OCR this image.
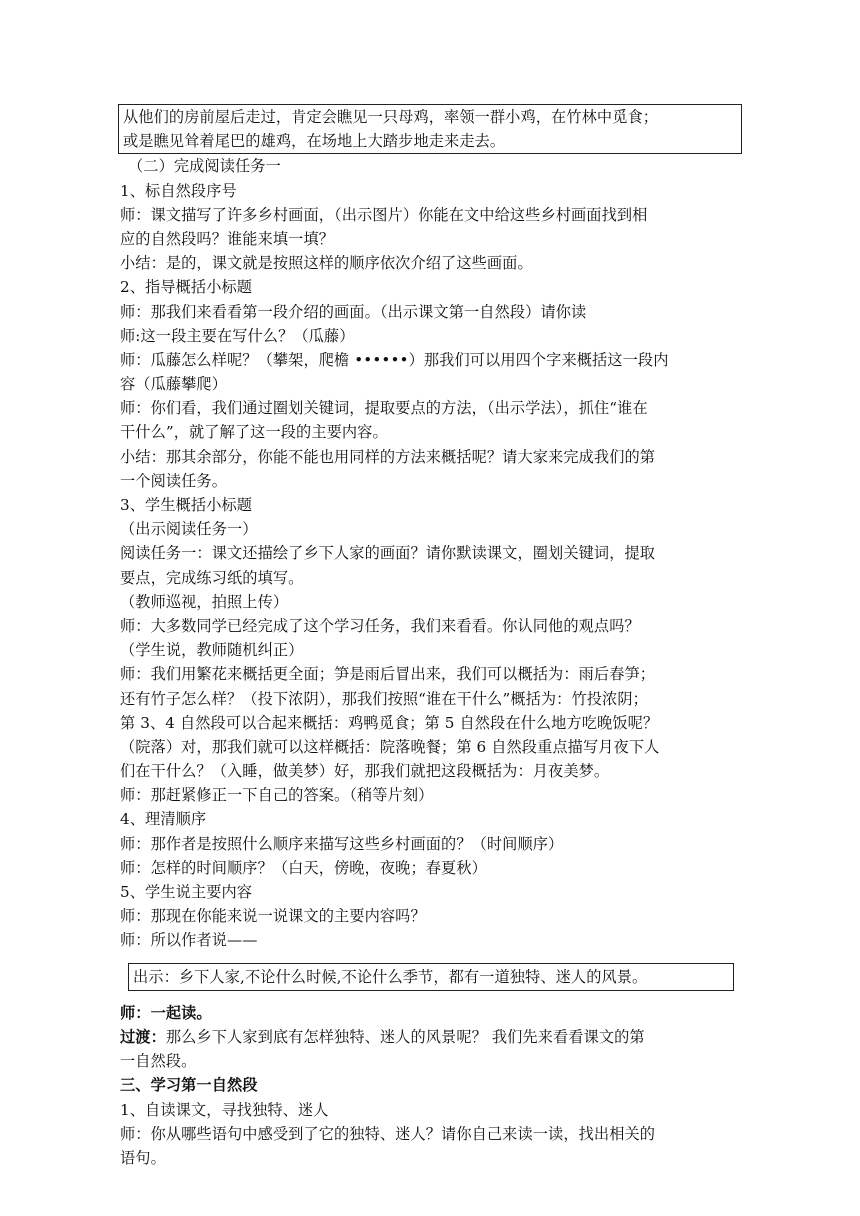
从他们的房前屋后走过，肯定会瞧见一只母鸡，率领一群小鸡，在竹林中觅食；
或是瞧见耸着尾巴的雄鸡，在场地上大踏步地走来走去。
（二）完成阅读任务一
1、标自然段序号
师：课文描写了许多乡村画面，（出示图片）你能在文中给这些乡村画面找到相
应的自然段吗？谁能来填一填？
小结：是的，课文就是按照这样的顺序依次介绍了这些画面。
2、指导概括小标题
师：那我们来看看第一段介绍的画面。（出示课文第一自然段）请你读
师:这一段主要在写什么？（瓜藤）
师：瓜藤怎么样呢？（攀架，爬檐 ••••••）那我们可以用四个字来概括这一段内
容（瓜藤攀爬）
师：你们看，我们通过圈划关键词，提取要点的方法，（出示学法），抓住“谁在
干什么”，就了解了这一段的主要内容。
小结：那其余部分，你能不能也用同样的方法来概括呢？请大家来完成我们的第
一个阅读任务。
3、学生概括小标题
（出示阅读任务一）
阅读任务一：课文还描绘了乡下人家的画面？请你默读课文，圈划关键词，提取
要点，完成练习纸的填写。
（教师巡视，拍照上传）
师：大多数同学已经完成了这个学习任务，我们来看看。你认同他的观点吗？
（学生说，教师随机纠正）
师：我们用繁花来概括更全面；笋是雨后冒出来，我们可以概括为：雨后春笋；
还有竹子怎么样？（投下浓阴），那我们按照“谁在干什么”概括为：竹投浓阴；
第 3、4 自然段可以合起来概括：鸡鸭觅食；第 5 自然段在什么地方吃晚饭呢？
（院落）对，那我们就可以这样概括：院落晚餐；第 6 自然段重点描写月夜下人
们在干什么？（入睡，做美梦）好，那我们就把这段概括为：月夜美梦。
师：那赶紧修正一下自己的答案。（稍等片刻）
4、理清顺序
师：那作者是按照什么顺序来描写这些乡村画面的？（时间顺序）
师：怎样的时间顺序？（白天，傍晚，夜晚；春夏秋）
5、学生说主要内容
师：那现在你能来说一说课文的主要内容吗？
师：所以作者说——
出示：乡下人家,不论什么时候,不论什么季节，都有一道独特、迷人的风景。
师：一起读。
过渡：那么乡下人家到底有怎样独特、迷人的风景呢？ 我们先来看看课文的第
一自然段。
三、学习第一自然段
1、自读课文，寻找独特、迷人
师：你从哪些语句中感受到了它的独特、迷人？请你自己来读一读，找出相关的
语句。
